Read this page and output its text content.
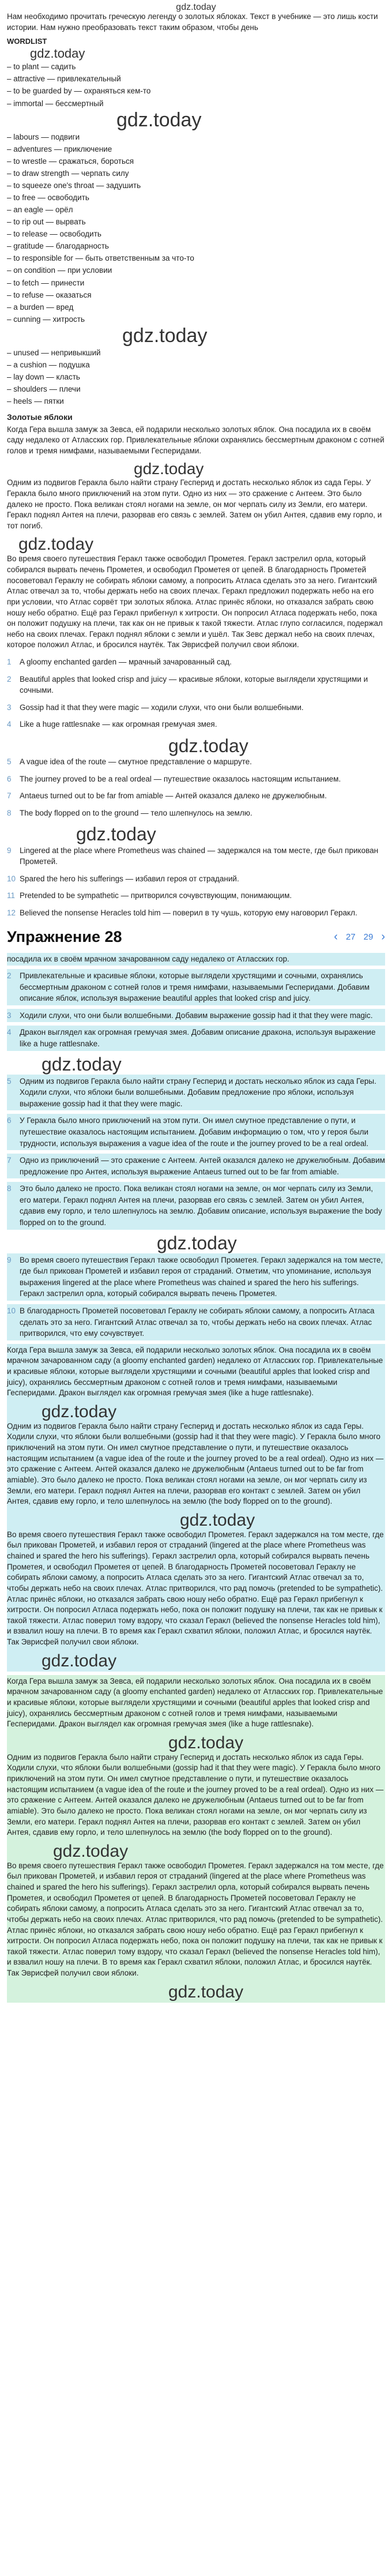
gdz.today

Нам необходимо прочитать греческую легенду о золотых яблоках. Текст в учебнике — это лишь кости истории. Нам нужно преобразовать текст таким образом, чтобы день

WORDLIST
gdz.today
– to plant — садить
– attractive — привлекательный
– to be guarded by — охраняться кем-то
– immortal — бессмертный
gdz.today
– labours — подвиги
– adventures — приключение
– to wrestle — сражаться, бороться
– to draw strength — черпать силу
– to squeeze one's throat — задушить
– to free — освободить
– an eagle — орёл
– to rip out — вырвать
– to release — освободить
– gratitude — благодарность
– to responsible for — быть ответственным за что-то
– on condition — при условии
– to fetch — принести
– to refuse — оказаться
– a burden — вред
– cunning — хитрость
gdz.today
– unused — непривыкший
– a cushion — подушка
– lay down — класть
– shoulders — плечи
– heels — пятки
Золотые яблоки

Когда Гера вышла замуж за Зевса, ей подарили несколько золотых яблок. Она посадила их в своём саду недалеко от Атласских гор. Привлекательные яблоки охранялись бессмертным драконом с сотней голов и тремя нимфами, называемыми Гесперидами.

gdz.today

Одним из подвигов Геракла было найти страну Гесперид и достать несколько яблок из сада Геры. У Геракла было много приключений на этом пути. Одно из них — это сражение с Антеем. Это было далеко не просто. Пока великан стоял ногами на земле, он мог черпать силу из Земли, его матери. Геракл поднял Антея на плечи, разорвав его связь с землей. Затем он убил Антея, сдавив ему горло, и тот погиб.

gdz.today

Во время своего путешествия Геракл также освободил Прометея. Геракл застрелил орла, который собирался вырвать печень Прометея, и освободил Прометея от цепей. В благодарность Прометей посоветовал Гераклу не собирать яблоки самому, а попросить Атласа сделать это за него. Гигантский Атлас отвечал за то, чтобы держать небо на своих плечах. Геракл предложил подержать небо на его при условии, что Атлас сорвёт три золотых яблока. Атлас принёс яблоки, но отказался забрать свою ношу небо обратно. Ещё раз Геракл прибегнул к хитрости. Он попросил Атласа подержать небо, пока он положит подушку на плечи, так как он не привык к такой тяжести. Атлас глупо согласился, подержал небо на своих плечах. Геракл поднял яблоки с земли и ушёл. Так Зевс держал небо на своих плечах, которое положил Атлас, и бросился наутёк. Так Эврисфей получил свои яблоки.

1	A gloomy enchanted garden — мрачный зачарованный сад.
2	Beautiful apples that looked crisp and juicy — красивые яблоки, которые выглядели хрустящими и сочными.
3	Gossip had it that they were magic — ходили слухи, что они были волшебными.
4	Like a huge rattlesnake — как огромная гремучая змея.
gdz.today
5	A vague idea of the route — смутное представление о маршруте.
6	The journey proved to be a real ordeal — путешествие оказалось настоящим испытанием.
7	Antaeus turned out to be far from amiable — Антей оказался далеко не дружелюбным.
8	The body flopped on to the ground — тело шлепнулось на землю.
gdz.today
9	Lingered at the place where Prometheus was chained — задержался на том месте, где был прикован Прометей.
10 Spared the hero his sufferings — избавил героя от страданий.
11 Pretended to be sympathetic — притворился сочувствующим, понимающим.
12 Believed the nonsense Heracles told him — поверил в ту чушь, которую ему наговорил Геракл.
Упражнение 28	‹ 27 29 ›
посадила их в своём мрачном зачарованном саду недалеко от Атласских гор.
2	Привлекательные и красивые яблоки, которые выглядели хрустящими и сочными, охранялись бессмертным драконом с сотней голов и тремя нимфами, называемыми Гесперидами. Добавим описание яблок, используя выражение beautiful apples that looked crisp and juicy.
3	Ходили слухи, что они были волшебными. Добавим выражение gossip had it that they were magic.
4	Дракон выглядел как огромная гремучая змея. Добавим описание дракона, используя выражение like a huge rattlesnake.
gdz.today
5	Одним из подвигов Геракла было найти страну Гесперид и достать несколько яблок из сада Геры. Ходили слухи, что яблоки были волшебными. Добавим предложение про яблоки, используя выражение gossip had it that they were magic.
6	У Геракла было много приключений на этом пути. Он имел смутное представление о пути, и путешествие оказалось настоящим испытанием. Добавим информацию о том, что у героя были трудности, используя выражения a vague idea of the route и the journey proved to be a real ordeal.
7	Одно из приключений — это сражение с Антеем. Антей оказался далеко не дружелюбным. Добавим предложение про Антея, используя выражение Antaeus turned out to be far from amiable.
8	Это было далеко не просто. Пока великан стоял ногами на земле, он мог черпать силу из Земли, его матери. Геракл поднял Антея на плечи, разорвав его связь с землей. Затем он убил Антея, сдавив ему горло, и тело шлепнулось на землю. Добавим описание, используя выражение the body flopped on to the ground.
gdz.today
9	Во время своего путешествия Геракл также освободил Прометея. Геракл задержался на том месте, где был прикован Прометей и избавил героя от страданий. Отметим, что упоминание, используя выражения lingered at the place where Prometheus was chained и spared the hero his sufferings. Геракл застрелил орла, который собирался вырвать печень Прометея.
10 В благодарность Прометей посоветовал Гераклу не собирать яблоки самому, а попросить Атласа сделать это за него. Гигантский Атлас отвечал за то, чтобы держать небо на своих плечах. Атлас притворился, что ему сочувствует.

Когда Гера вышла замуж за Зевса, ей подарили несколько золотых яблок. Она посадила их в своём мрачном зачарованном саду (a gloomy enchanted garden) недалеко от Атласских гор. Привлекательные и красивые яблоки, которые выглядели хрустящими и сочными (beautiful apples that looked crisp and juicy), охранялись бессмертным драконом с сотней голов и тремя нимфами, называемыми Гесперидами. Дракон выглядел как огромная гремучая змея (like a huge rattlesnake).

gdz.today

Одним из подвигов Геракла было найти страну Гесперид и достать несколько яблок из сада Геры. Ходили слухи, что яблоки были волшебными (gossip had it that they were magic). У Геракла было много приключений на этом пути. Он имел смутное представление о пути, и путешествие оказалось настоящим испытанием (a vague idea of the route и the journey proved to be a real ordeal). Одно из них — это сражение с Антеем. Антей оказался далеко не дружелюбным (Antaeus turned out to be far from amiable). Это было далеко не просто. Пока великан стоял ногами на земле, он мог черпать силу из Земли, его матери. Геракл поднял Антея на плечи, разорвав его контакт с землей. Затем он убил Антея, сдавив ему горло, и тело шлепнулось на землю (the body flopped on to the ground).

gdz.today

Во время своего путешествия Геракл также освободил Прометея. Геракл задержался на том месте, где был прикован Прометей, и избавил героя от страданий (lingered at the place where Prometheus was chained и spared the hero his sufferings). Геракл застрелил орла, который собирался вырвать печень Прометея, и освободил Прометея от цепей. В благодарность Прометей посоветовал Гераклу не собирать яблоки самому, а попросить Атласа сделать это за него. Гигантский Атлас отвечал за то, чтобы держать небо на своих плечах. Атлас притворился, что рад помочь (pretended to be sympathetic). Атлас принёс яблоки, но отказался забрать свою ношу небо обратно. Ещё раз Геракл прибегнул к хитрости. Он попросил Атласа подержать небо, пока он положит подушку на плечи, так как не привык к такой тяжести. Атлас поверил тому вздору, что сказал Геракл (believed the nonsense Heracles told him), и взвалил ношу на плечи. В то время как Геракл схватил яблоки, положил Атлас, и бросился наутёк. Так Эврисфей получил свои яблоки.

gdz.today

Когда Гера вышла замуж за Зевса, ей подарили несколько золотых яблок. Она посадила их в своём мрачном зачарованном саду (a gloomy enchanted garden) недалеко от Атласских гор. Привлекательные и красивые яблоки, которые выглядели хрустящими и сочными (beautiful apples that looked crisp and juicy), охранялись бессмертным драконом с сотней голов и тремя нимфами, называемыми Гесперидами. Дракон выглядел как огромная гремучая змея (like a huge rattlesnake).

gdz.today

Одним из подвигов Геракла было найти страну Гесперид и достать несколько яблок из сада Геры. Ходили слухи, что яблоки были волшебными (gossip had it that they were magic). У Геракла было много приключений на этом пути. Он имел смутное представление о пути, и путешествие оказалось настоящим испытанием (a vague idea of the route и the journey proved to be a real ordeal). Одно из них — это сражение с Антеем. Антей оказался далеко не дружелюбным (Antaeus turned out to be far from amiable). Это было далеко не просто. Пока великан стоял ногами на земле, он мог черпать силу из Земли, его матери. Геракл поднял Антея на плечи, разорвав его контакт с землей. Затем он убил Антея, сдавив ему горло, и тело шлепнулось на землю (the body flopped on to the ground).

gdz.today

Во время своего путешествия Геракл также освободил Прометея. Геракл задержался на том месте, где был прикован Прометей, и избавил героя от страданий (lingered at the place where Prometheus was chained и spared the hero his sufferings). Геракл застрелил орла, который собирался вырвать печень Прометея, и освободил Прометея от цепей. В благодарность Прометей посоветовал Гераклу не собирать яблоки самому, а попросить Атласа сделать это за него. Гигантский Атлас отвечал за то, чтобы держать небо на своих плечах. Атлас притворился, что рад помочь (pretended to be sympathetic). Атлас принёс яблоки, но отказался забрать свою ношу небо обратно. Ещё раз Геракл прибегнул к хитрости. Он попросил Атласа подержать небо, пока он положит подушку на плечи, так как не привык к такой тяжести. Атлас поверил тому вздору, что сказал Геракл (believed the nonsense Heracles told him), и взвалил ношу на плечи. В то время как Геракл схватил яблоки, положил Атлас, и бросился наутёк. Так Эврисфей получил свои яблоки.

gdz.today
